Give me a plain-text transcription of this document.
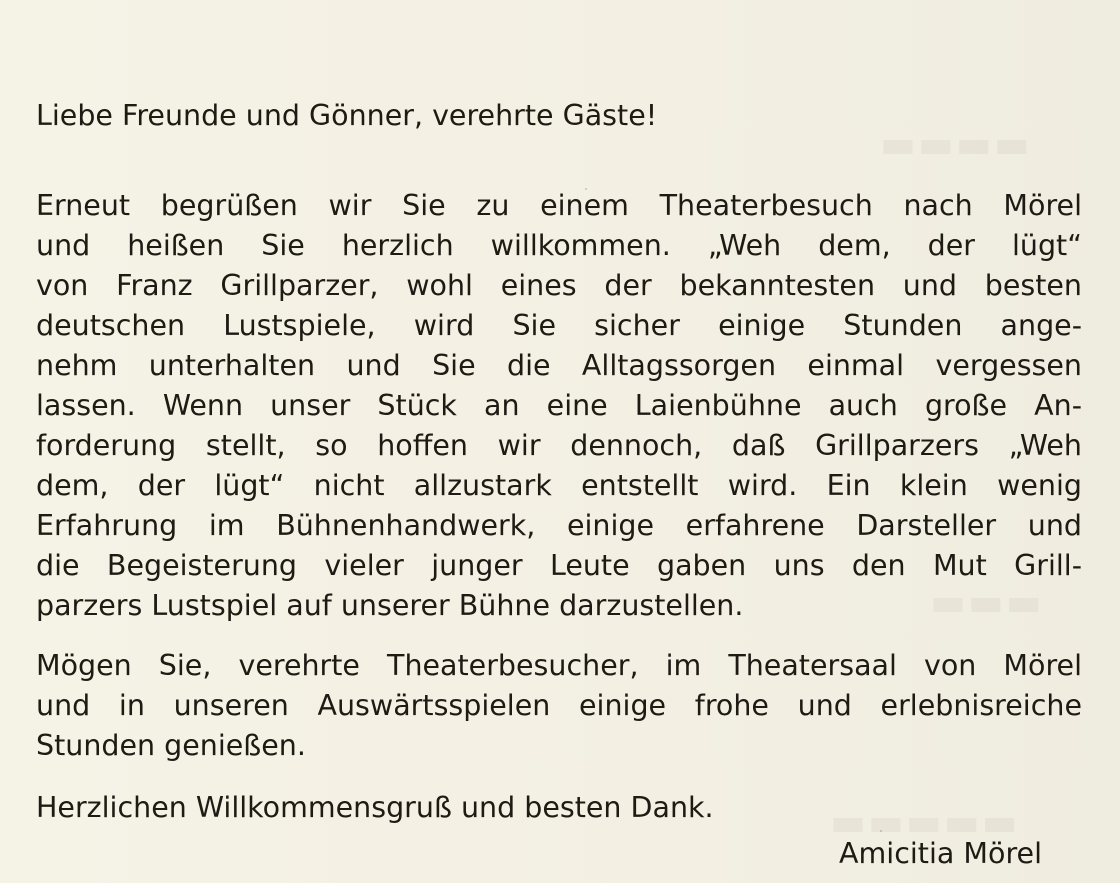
▬▬▬▬
▬▬▬
▬▬▬▬▬
Liebe Freunde und Gönner, verehrte Gäste!
Erneut begrüßen wir Sie zu einem Theaterbesuch nach Mörel
und heißen Sie herzlich willkommen. „Weh dem, der lügt“
von Franz Grillparzer, wohl eines der bekanntesten und besten
deutschen Lustspiele, wird Sie sicher einige Stunden ange-
nehm unterhalten und Sie die Alltagssorgen einmal vergessen
lassen. Wenn unser Stück an eine Laienbühne auch große An-
forderung stellt, so hoffen wir dennoch, daß Grillparzers „Weh
dem, der lügt“ nicht allzustark entstellt wird. Ein klein wenig
Erfahrung im Bühnenhandwerk, einige erfahrene Darsteller und
die Begeisterung vieler junger Leute gaben uns den Mut Grill-
parzers Lustspiel auf unserer Bühne darzustellen.
Mögen Sie, verehrte Theaterbesucher, im Theatersaal von Mörel
und in unseren Auswärtsspielen einige frohe und erlebnisreiche
Stunden genießen.
Herzlichen Willkommensgruß und besten Dank.
Amicitia Mörel
